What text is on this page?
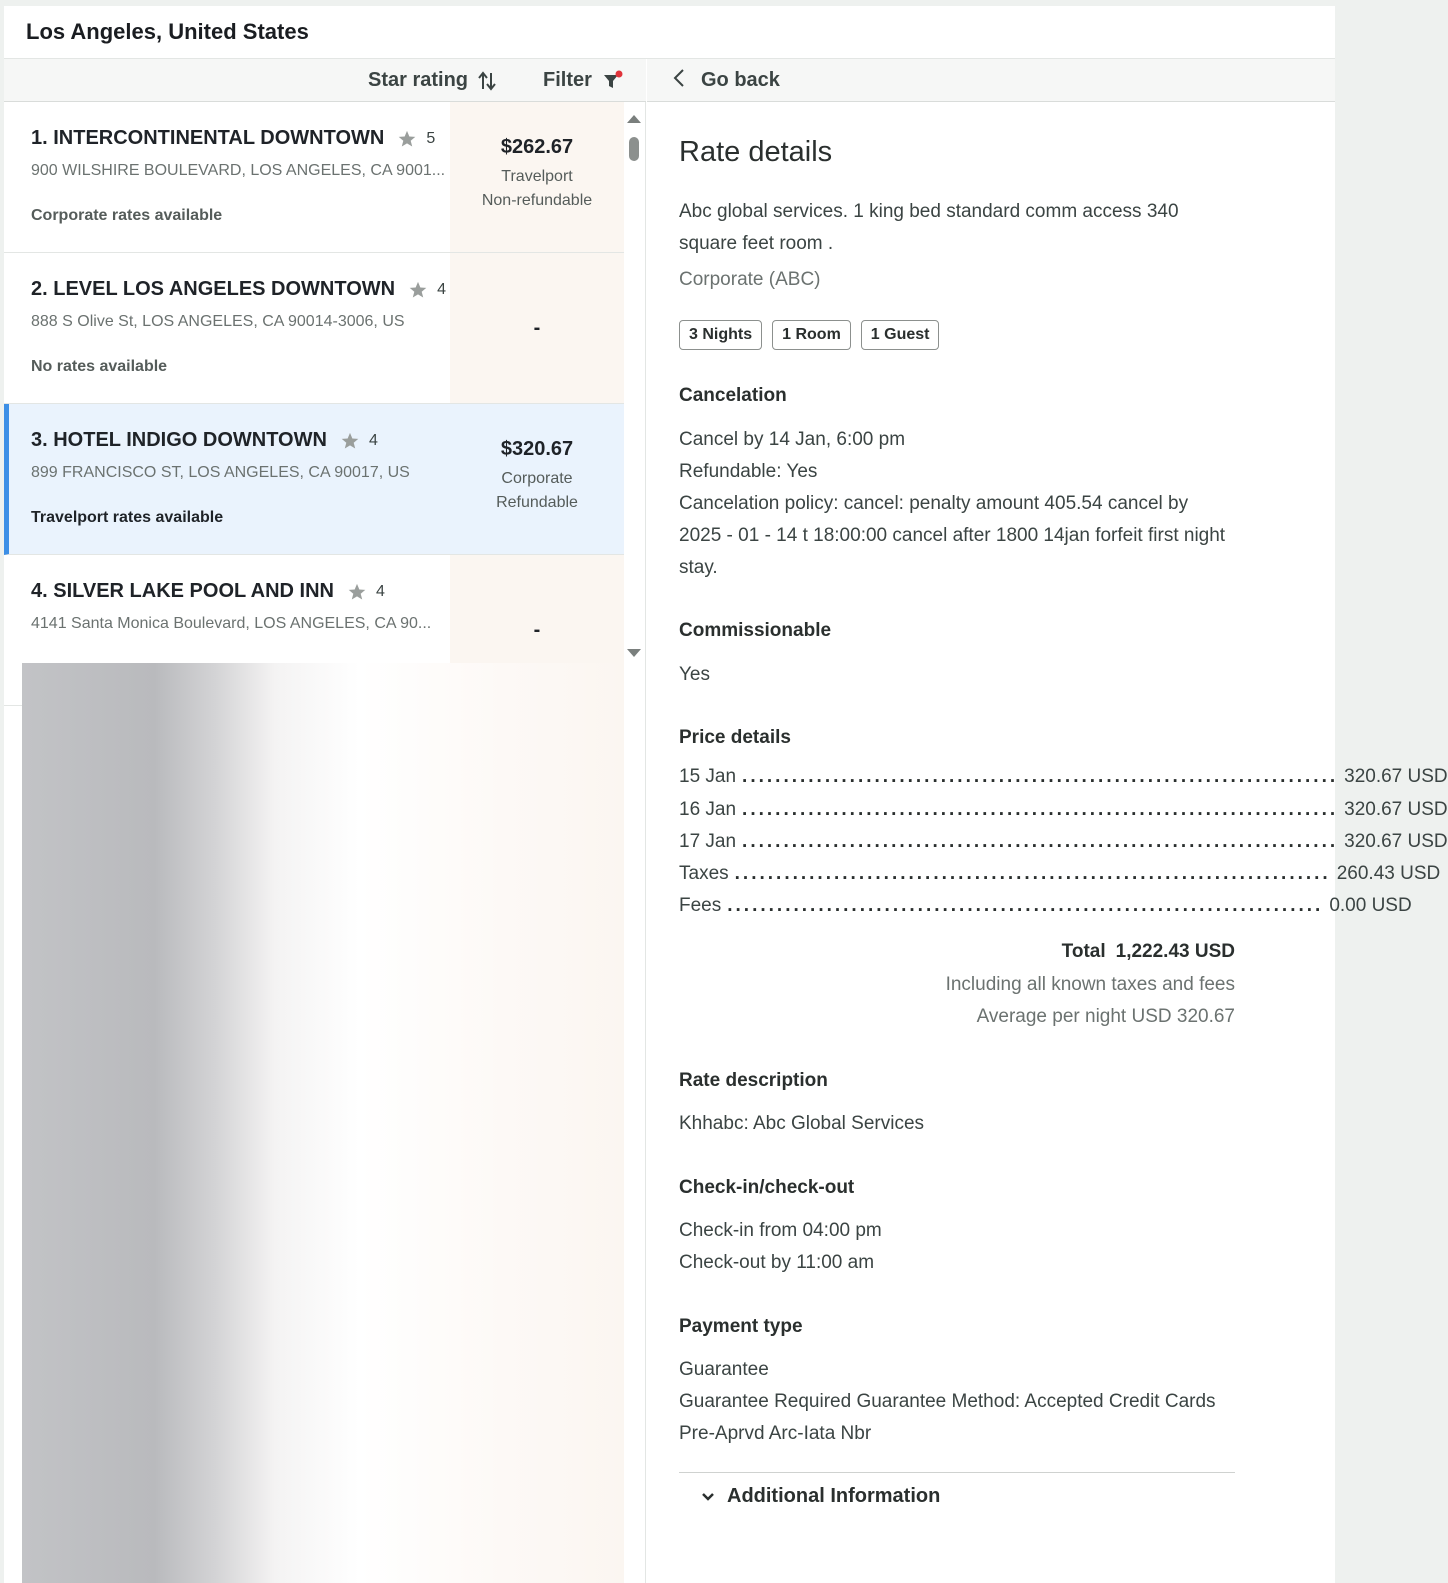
Los Angeles, United States
Star rating	Filter
1. INTERCONTINENTAL DOWNTOWN	5
900 WILSHIRE BOULEVARD, LOS ANGELES, CA 9001...
Corporate rates available
$262.67
Travelport
Non-refundable
2. LEVEL LOS ANGELES DOWNTOWN	4
888 S Olive St, LOS ANGELES, CA 90014-3006, US
No rates available
-
3. HOTEL INDIGO DOWNTOWN	4
899 FRANCISCO ST, LOS ANGELES, CA 90017, US
Travelport rates available
$320.67
Corporate
Refundable
4. SILVER LAKE POOL AND INN	4
4141 Santa Monica Boulevard, LOS ANGELES, CA 90...	-
Go back
Rate details

Abc global services. 1 king bed standard comm access 340 square feet room .

Corporate (ABC)

3 Nights	1 Room	1 Guest
Cancelation

Cancel by 14 Jan, 6:00 pm

Refundable: Yes

Cancelation policy: cancel: penalty amount 405.54 cancel by 2025 - 01 - 14 t 18:00:00 cancel after 1800 14jan forfeit first night stay.

Commissionable

Yes

Price details
15 Jan ........................................................................ 320.67 USD
16 Jan ........................................................................ 320.67 USD
17 Jan ........................................................................ 320.67 USD
Taxes ........................................................................ 260.43 USD
Fees ........................................................................ 0.00 USD
Total 1,222.43 USD
Including all known taxes and fees
Average per night USD 320.67
Rate description

Khhabc: Abc Global Services

Check-in/check-out

Check-in from 04:00 pm

Check-out by 11:00 am

Payment type

Guarantee

Guarantee Required Guarantee Method: Accepted Credit Cards Pre-Aprvd Arc-Iata Nbr

Additional Information
